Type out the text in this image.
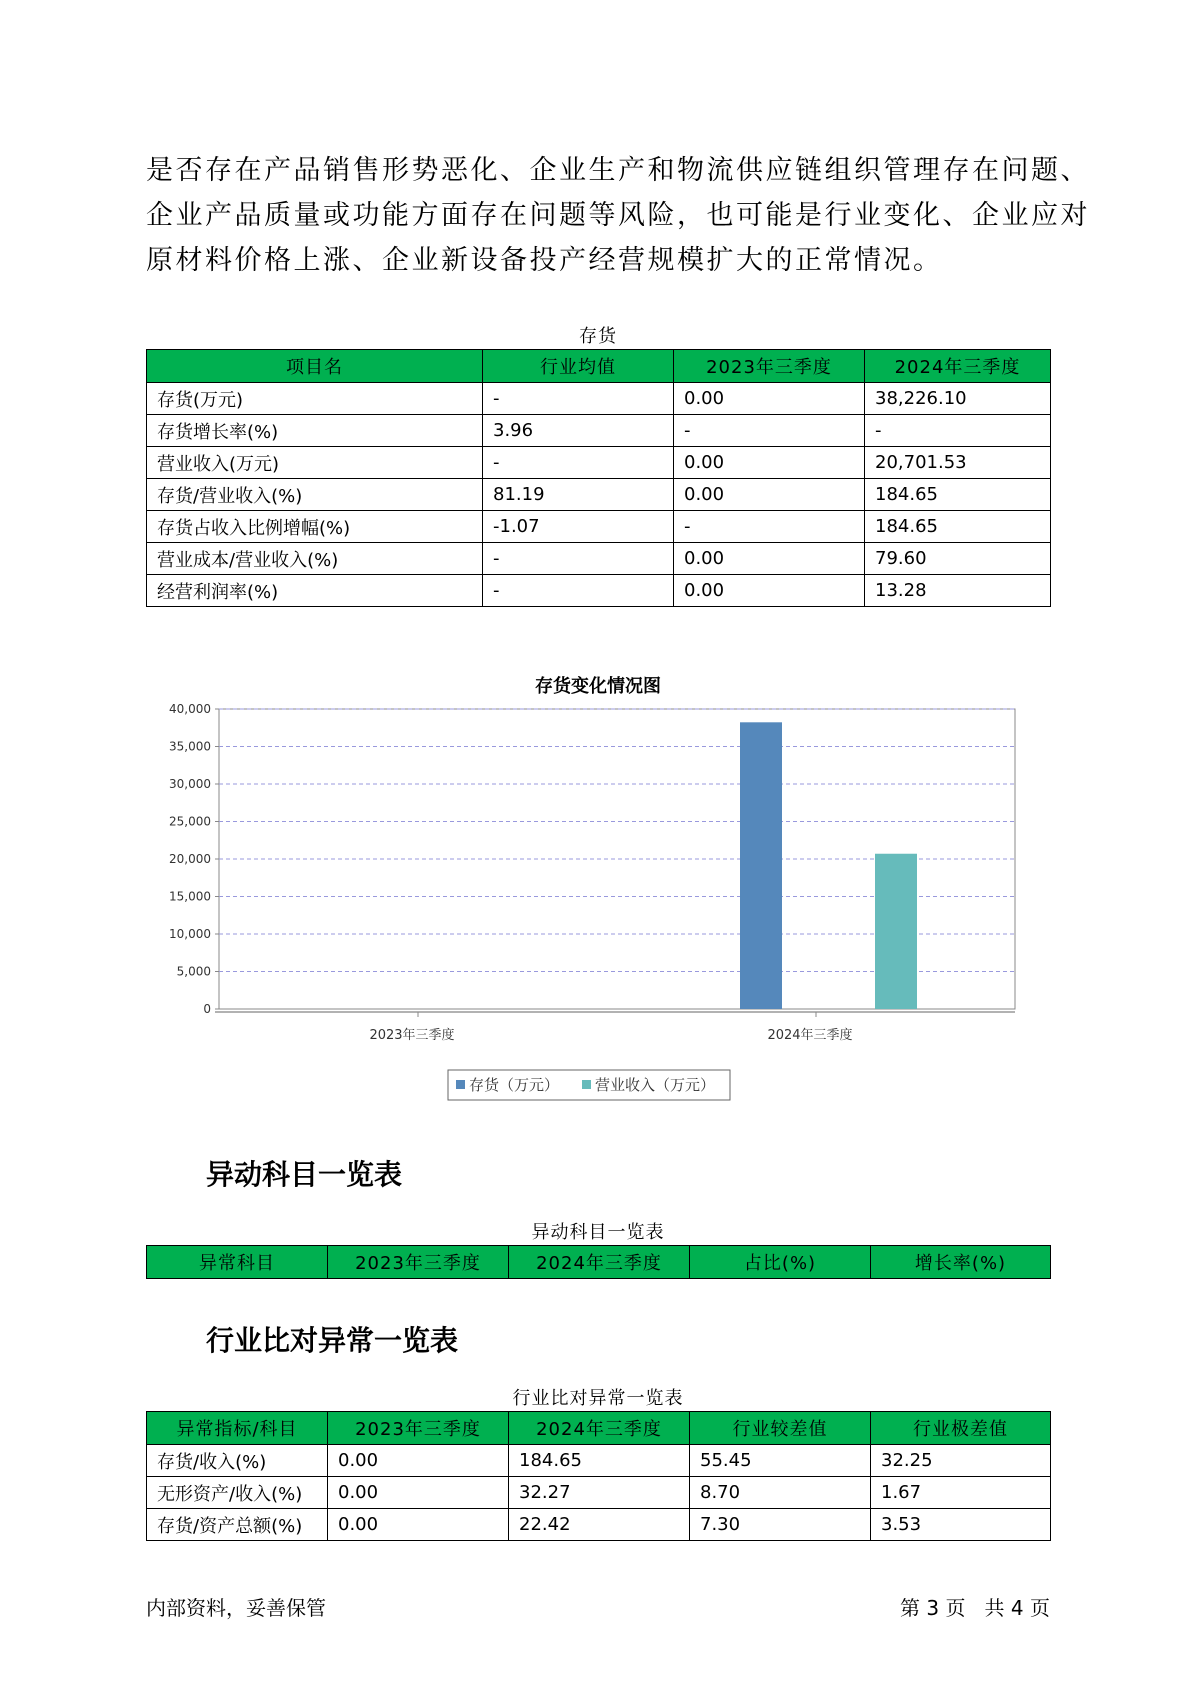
是否存在产品销售形势恶化、企业生产和物流供应链组织管理存在问题、
企业产品质量或功能方面存在问题等风险，也可能是行业变化、企业应对
原材料价格上涨、企业新设备投产经营规模扩大的正常情况。
存货
项目名	行业均值	2023年三季度	2024年三季度
存货(万元)	-	0.00	38,226.10
存货增长率(%)	3.96	-	-
营业收入(万元)	-	0.00	20,701.53
存货/营业收入(%)	81.19	0.00	184.65
存货占收入比例增幅(%)	-1.07	-	184.65
营业成本/营业收入(%)	-	0.00	79.60
经营利润率(%)	-	0.00	13.28
存货变化情况图
0
5,000
10,000
15,000
20,000
25,000
30,000
35,000
40,000
2023年三季度	2024年三季度
存货（万元） 营业收入（万元）
异动科目一览表
异动科目一览表
异常科目	2023年三季度	2024年三季度	占比(%)	增长率(%)
行业比对异常一览表
行业比对异常一览表
异常指标/科目	2023年三季度	2024年三季度	行业较差值	行业极差值
存货/收入(%)	0.00	184.65	55.45	32.25
无形资产/收入(%)	0.00	32.27	8.70	1.67
存货/资产总额(%)	0.00	22.42	7.30	3.53
内部资料，妥善保管	第 3 页   共 4 页
